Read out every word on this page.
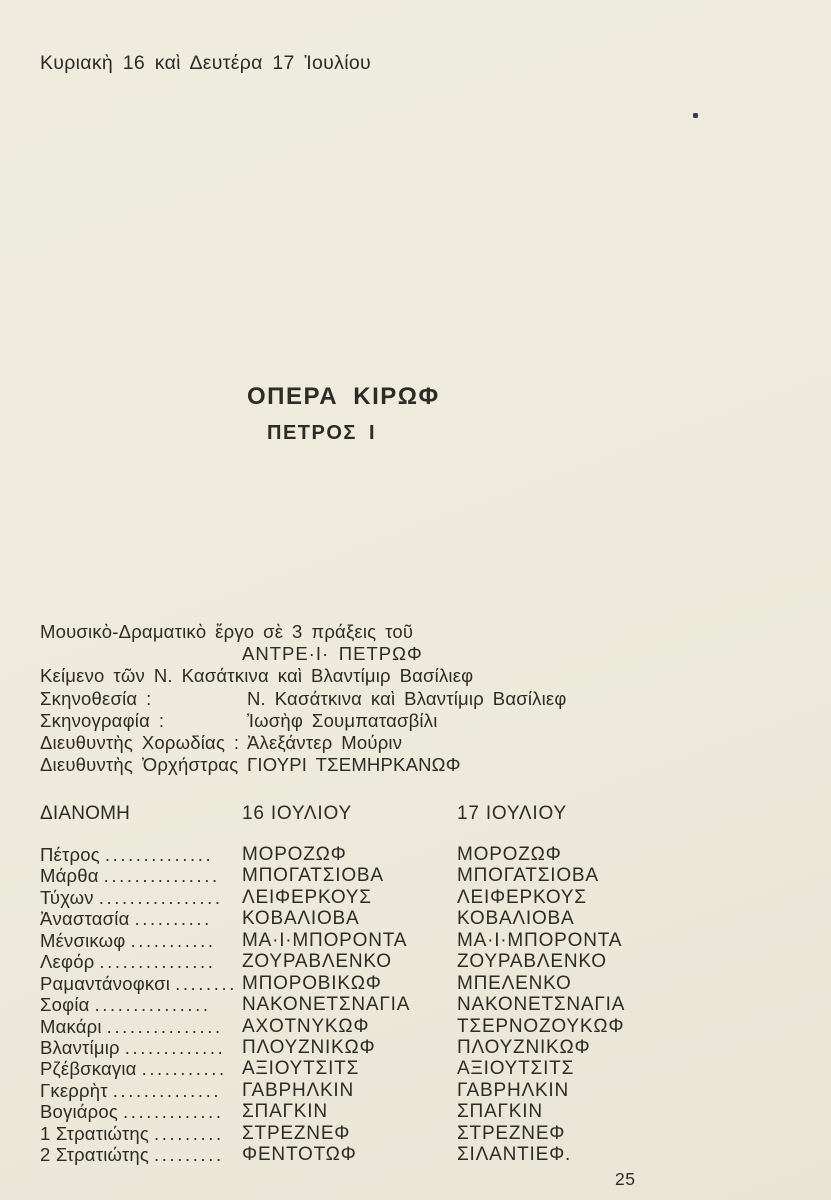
Κυριακὴ 16 καὶ Δευτέρα 17 Ἰουλίου
ΟΠΕΡΑ ΚΙΡΩΦ
ΠΕΤΡΟΣ Ι
Μουσικὸ-Δραματικὸ ἔργο σὲ 3 πράξεις τοῦ
ΑΝΤΡΕ·Ι· ΠΕΤΡΩΦ
Κείμενο τῶν Ν. Κασάτκινα καὶ Βλαντίμιρ Βασίλιεφ
Σκηνοθεσία :	Ν. Κασάτκινα καὶ Βλαντίμιρ Βασίλιεφ
Σκηνογραφία :	Ἰωσὴφ Σουμπατασβίλι
Διευθυντὴς Χορωδίας : Ἀλεξάντερ Μούριν
Διευθυντὴς Ὀρχήστρας :ΓΙΟΥΡΙ ΤΣΕΜΗΡΚΑΝΩΦ
ΔΙΑΝΟΜΗ	16 ΙΟΥΛΙΟΥ	17 ΙΟΥΛΙΟΥ
Πέτρος ..............	ΜΟΡΟΖΩΦ	ΜΟΡΟΖΩΦ
Μάρθα ...............	ΜΠΟΓΑΤΣΙΟΒΑ	ΜΠΟΓΑΤΣΙΟΒΑ
Τύχων ................	ΛΕΙΦΕΡΚΟΥΣ	ΛΕΙΦΕΡΚΟΥΣ
Ἀναστασία ..........	ΚΟΒΑΛΙΟΒΑ	ΚΟΒΑΛΙΟΒΑ
Μένσικωφ ...........	ΜΑ·Ι·ΜΠΟΡΟΝΤΑ	ΜΑ·Ι·ΜΠΟΡΟΝΤΑ
Λεφόρ ...............	ΖΟΥΡΑΒΛΕΝΚΟ	ΖΟΥΡΑΒΛΕΝΚΟ
Ραμαντάνοφκσι ........ ΜΠΟΡΟΒΙΚΩΦ	ΜΠΕΛΕΝΚΟ
Σοφία ...............	ΝΑΚΟΝΕΤΣΝΑΓΙΑ	ΝΑΚΟΝΕΤΣΝΑΓΙΑ
Μακάρι ...............	ΑΧΟΤΝΥΚΩΦ	ΤΣΕΡΝΟΖΟΥΚΩΦ
Βλαντίμιρ ............. ΠΛΟΥΖΝΙΚΩΦ	ΠΛΟΥΖΝΙΚΩΦ
Ρζέβσκαγια ........... ΑΞΙΟΥΤΣΙΤΣ	ΑΞΙΟΥΤΣΙΤΣ
Γκερρὴτ ..............	ΓΑΒΡΗΛΚΙΝ	ΓΑΒΡΗΛΚΙΝ
Βογιάρος ............. ΣΠΑΓΚΙΝ	ΣΠΑΓΚΙΝ
1 Στρατιώτης ......... ΣΤΡΕΖΝΕΦ	ΣΤΡΕΖΝΕΦ
2 Στρατιώτης ......... ΦΕΝΤΟΤΩΦ	ΣΙΛΑΝΤΙΕΦ.
25
